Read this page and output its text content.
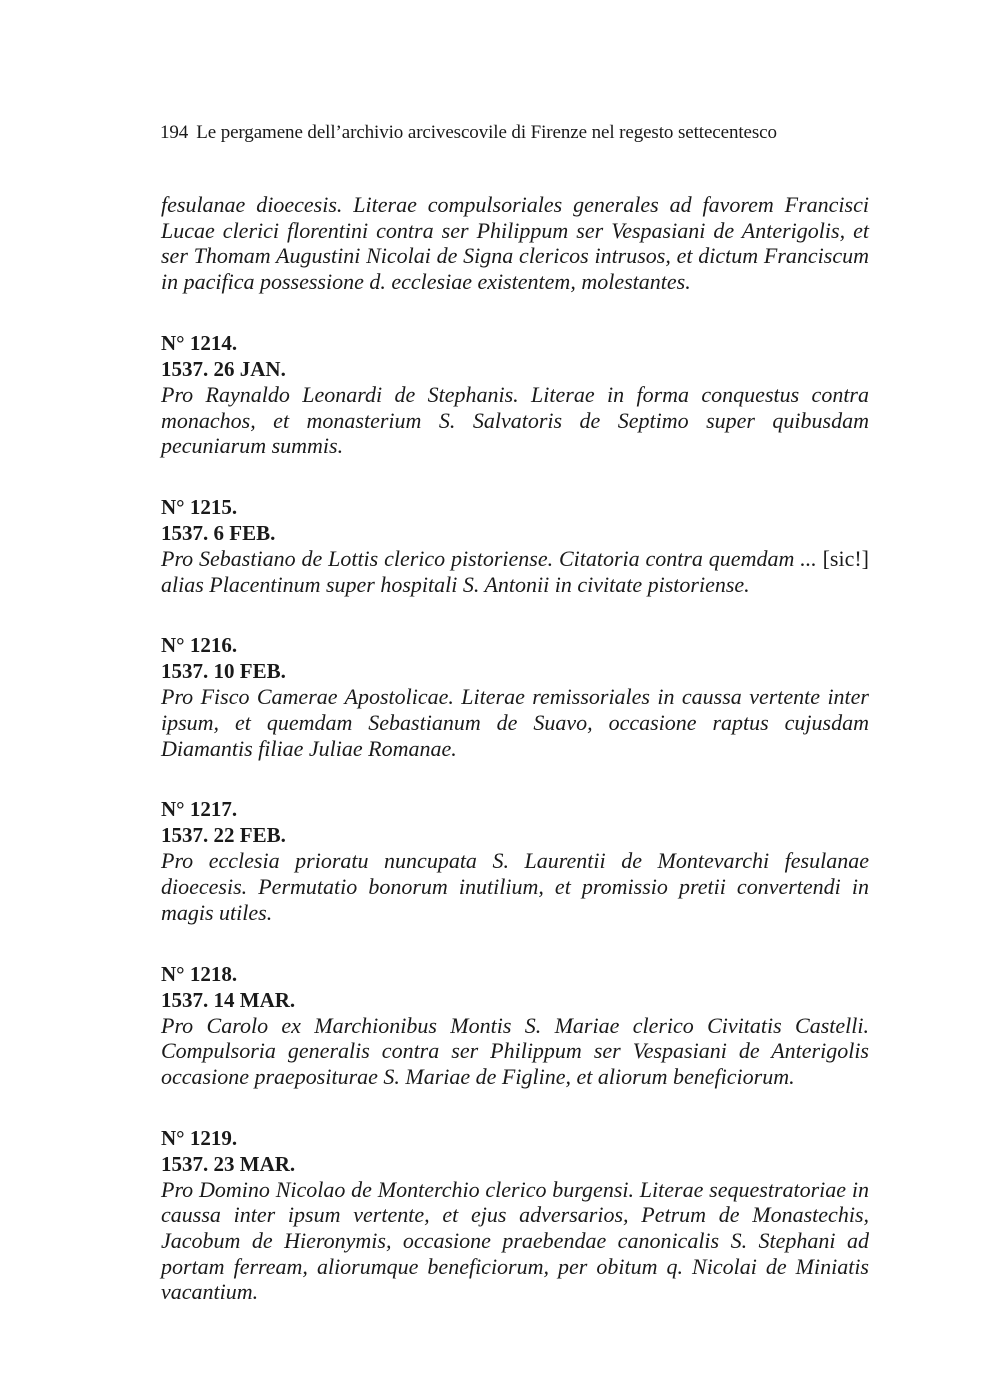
194 Le pergamene dell’archivio arcivescovile di Firenze nel regesto settecentesco

fesulanae dioecesis. Literae compulsoriales generales ad favorem Francisci Lucae clerici florentini contra ser Philippum ser Vespasiani de Anterigolis, et ser Thomam Augustini Nicolai de Signa clericos intrusos, et dictum Franciscum in pacifica possessione d. ecclesiae existentem, molestantes.

N° 1214.

1537. 26 JAN.

Pro Raynaldo Leonardi de Stephanis. Literae in forma conquestus contra monachos, et monasterium S. Salvatoris de Septimo super quibusdam pecuniarum summis.

N° 1215.

1537. 6 FEB.

Pro Sebastiano de Lottis clerico pistoriense. Citatoria contra quemdam ... [sic!] alias Placentinum super hospitali S. Antonii in civitate pistoriense.

N° 1216.

1537. 10 FEB.

Pro Fisco Camerae Apostolicae. Literae remissoriales in caussa vertente inter ipsum, et quemdam Sebastianum de Suavo, occasione raptus cujusdam Diamantis filiae Juliae Romanae.

N° 1217.

1537. 22 FEB.

Pro ecclesia prioratu nuncupata S. Laurentii de Montevarchi fesulanae dioecesis. Permutatio bonorum inutilium, et promissio pretii convertendi in magis utiles.

N° 1218.

1537. 14 MAR.

Pro Carolo ex Marchionibus Montis S. Mariae clerico Civitatis Castelli. Compulsoria generalis contra ser Philippum ser Vespasiani de Anterigolis occasione praepositurae S. Mariae de Figline, et aliorum beneficiorum.

N° 1219.

1537. 23 MAR.

Pro Domino Nicolao de Monterchio clerico burgensi. Literae sequestratoriae in caussa inter ipsum vertente, et ejus adversarios, Petrum de Monastechis, Jacobum de Hieronymis, occasione praebendae canonicalis S. Stephani ad portam ferream, aliorumque beneficiorum, per obitum q. Nicolai de Miniatis vacantium.
